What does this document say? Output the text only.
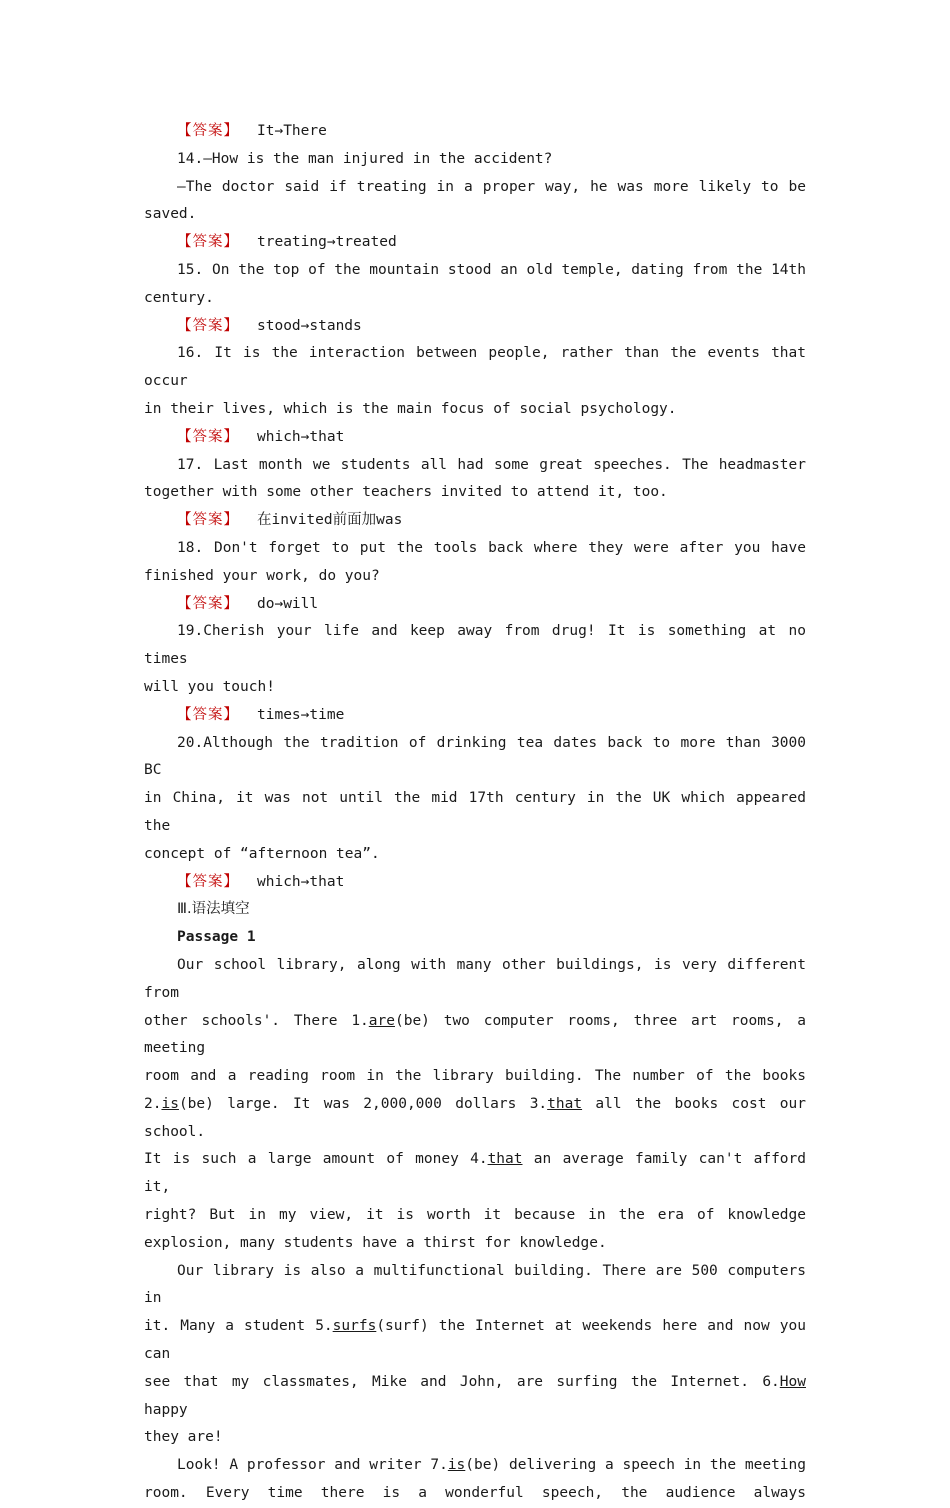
【答案】 It→There

14.—How is the man injured in the accident?

—The doctor said if treating in a proper way, he was more likely to be

saved.

【答案】 treating→treated

15. On the top of the mountain stood an old temple, dating from the 14th

century.

【答案】 stood→stands

16. It is the interaction between people, rather than the events that occur

in their lives, which is the main focus of social psychology.

【答案】 which→that

17. Last month we students all had some great speeches. The headmaster

together with some other teachers invited to attend it, too.

【答案】 在invited前面加was

18. Don't forget to put the tools back where they were after you have

finished your work, do you?

【答案】 do→will

19.Cherish your life and keep away from drug! It is something at no times

will you touch!

【答案】 times→time

20.Although the tradition of drinking tea dates back to more than 3000 BC

in China, it was not until the mid 17th century in the UK which appeared the

concept of “afternoon tea”.

【答案】 which→that

Ⅲ.语法填空

Passage 1

Our school library, along with many other buildings, is very different from

other schools'. There 1.are(be) two computer rooms, three art rooms, a meeting

room and a reading room in the library building. The number of the books

2.is(be) large. It was 2,000,000 dollars 3.that all the books cost our school.

It is such a large amount of money 4.that an average family can't afford it,

right? But in my view, it is worth it because in the era of knowledge

explosion, many students have a thirst for knowledge.

Our library is also a multifunctional building. There are 500 computers in

it. Many a student 5.surfs(surf) the Internet at weekends here and now you can

see that my classmates, Mike and John, are surfing the Internet. 6.How happy

they are!

Look! A professor and writer 7.is(be) delivering a speech in the meeting

room. Every time there is a wonderful speech, the audience always
